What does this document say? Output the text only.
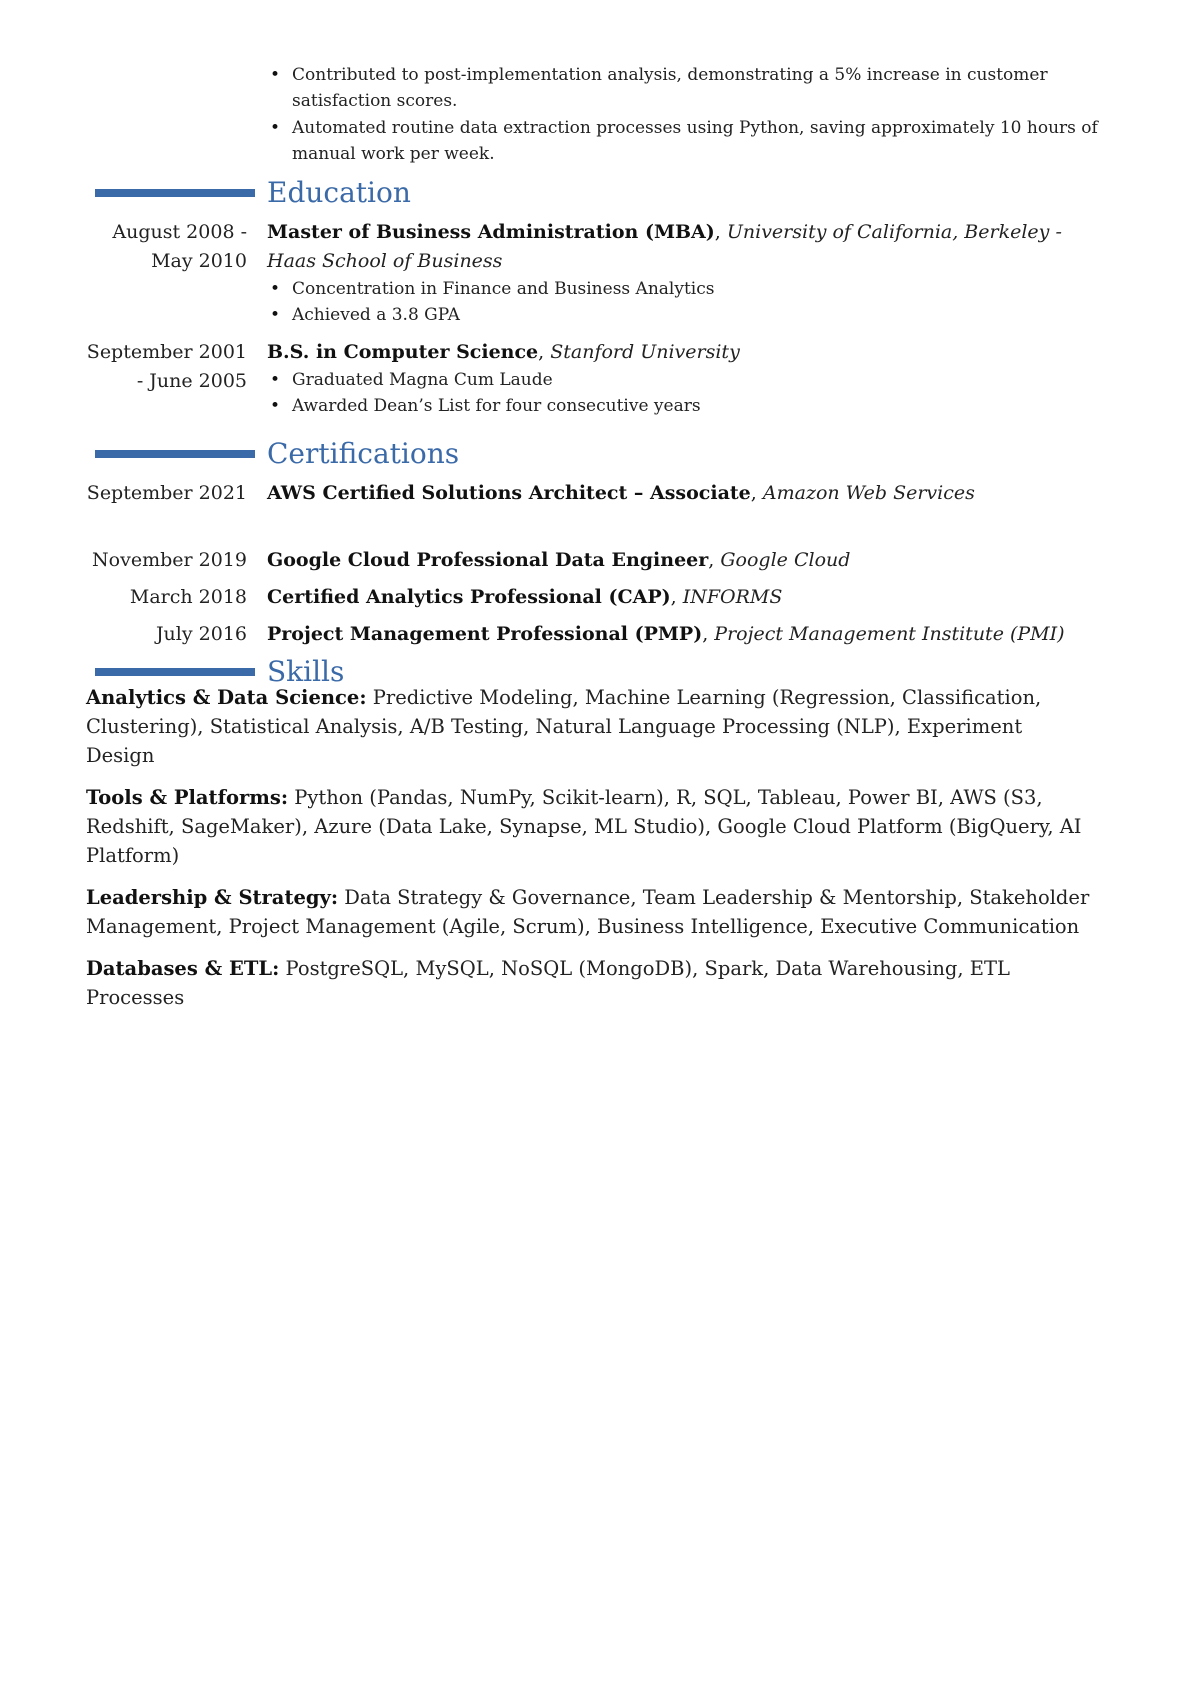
• Contributed to post-implementation analysis, demonstrating a 5% increase in customer satisfaction scores.
• Automated routine data extraction processes using Python, saving approximately 10 hours of manual work per week.
Education
August 2008 - May 2010
Master of Business Administration (MBA), University of California, Berkeley - Haas School of Business
• Concentration in Finance and Business Analytics
• Achieved a 3.8 GPA
September 2001 - June 2005
B.S. in Computer Science, Stanford University
• Graduated Magna Cum Laude
• Awarded Dean’s List for four consecutive years
Certifications
September 2021 AWS Certified Solutions Architect – Associate, Amazon Web Services
November 2019 Google Cloud Professional Data Engineer, Google Cloud
March 2018 Certified Analytics Professional (CAP), INFORMS
July 2016 Project Management Professional (PMP), Project Management Institute (PMI)
Skills
Analytics & Data Science: Predictive Modeling, Machine Learning (Regression, Classification, Clustering), Statistical Analysis, A/B Testing, Natural Language Processing (NLP), Experiment Design
Tools & Platforms: Python (Pandas, NumPy, Scikit-learn), R, SQL, Tableau, Power BI, AWS (S3, Redshift, SageMaker), Azure (Data Lake, Synapse, ML Studio), Google Cloud Platform (BigQuery, AI Platform)
Leadership & Strategy: Data Strategy & Governance, Team Leadership & Mentorship, Stakeholder Management, Project Management (Agile, Scrum), Business Intelligence, Executive Communication
Databases & ETL: PostgreSQL, MySQL, NoSQL (MongoDB), Spark, Data Warehousing, ETL Processes
